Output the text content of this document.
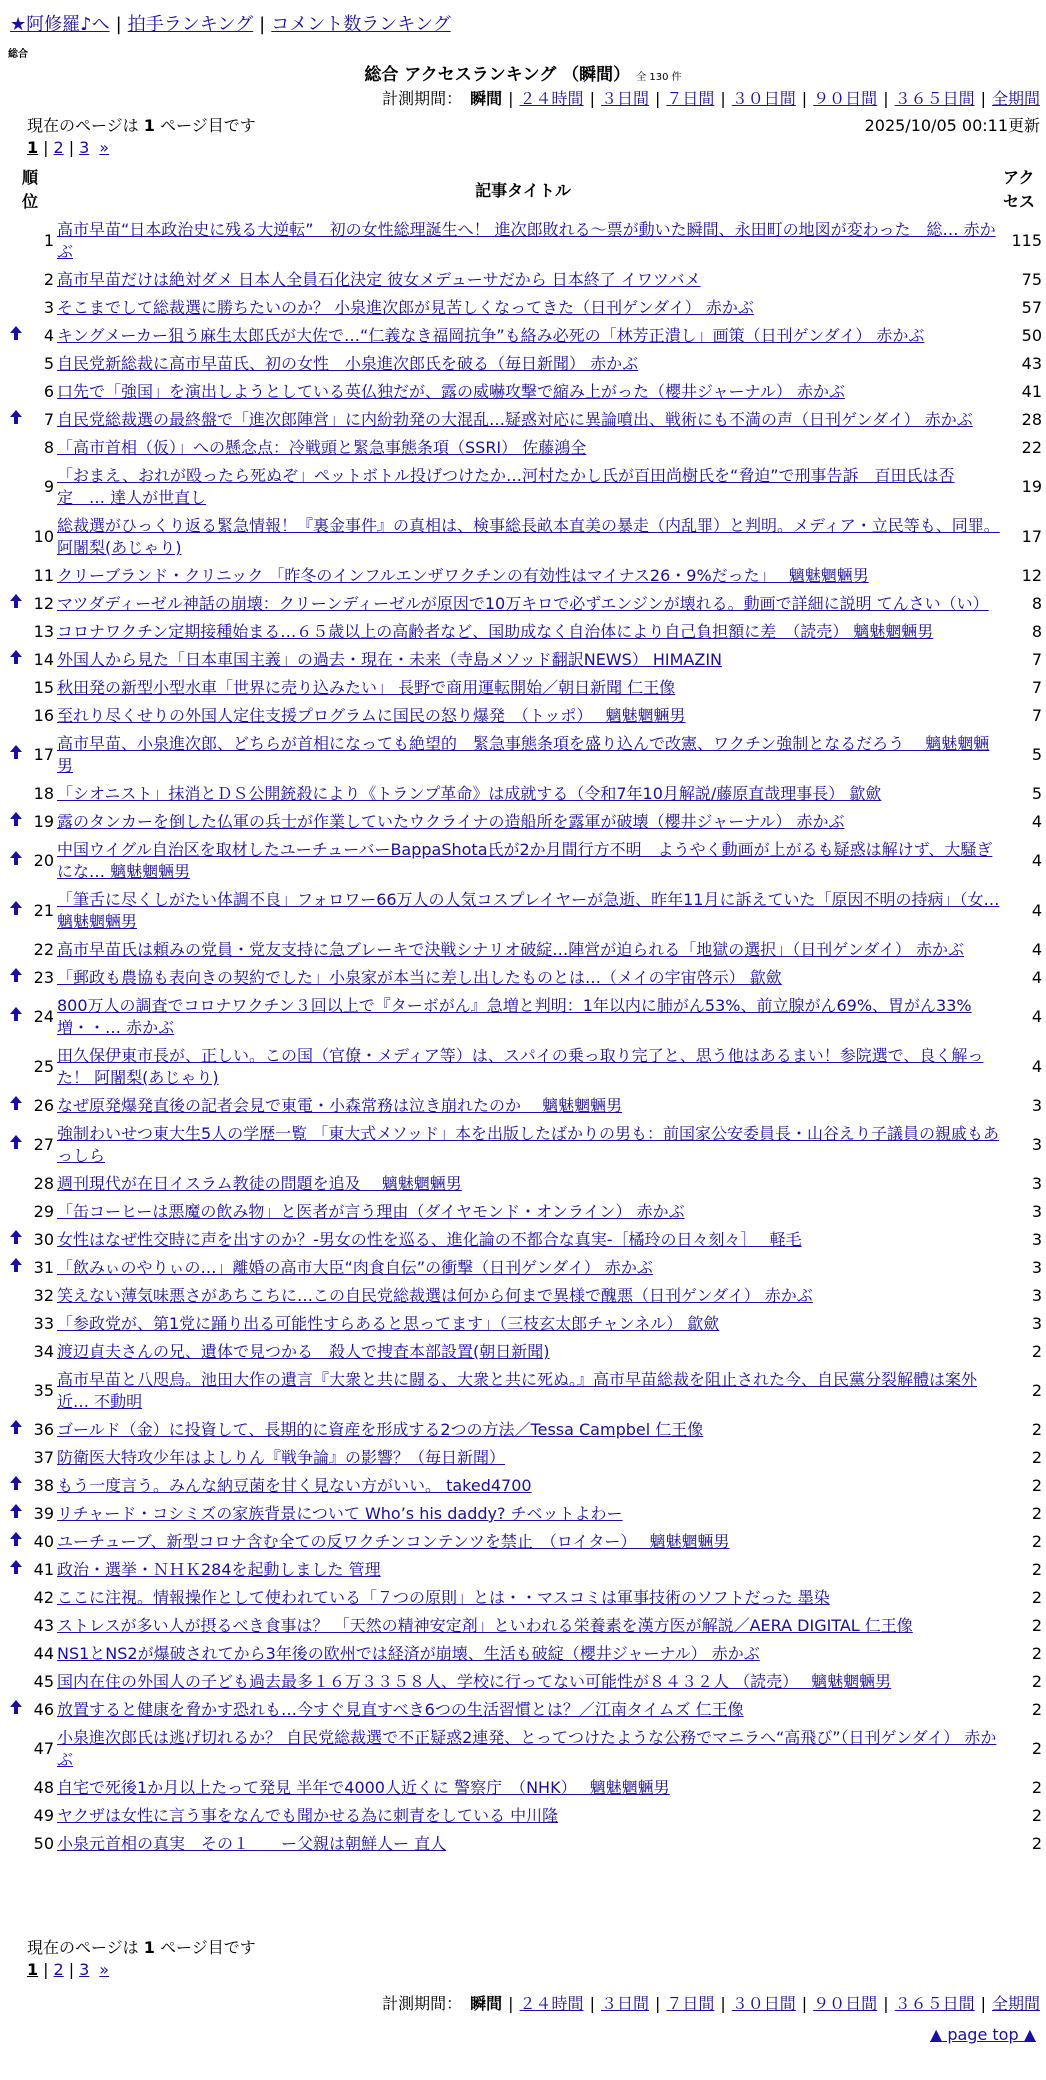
★阿修羅♪へ | 拍手ランキング | コメント数ランキング
総合
総合 アクセスランキング （瞬間） 全 130 件
計測期間： 瞬間 | ２４時間 | ３日間 | ７日間 | ３０日間 | ９０日間 | ３６５日間 | 全期間
現在のページは 1 ページ目です	2025/10/05 00:11更新
1 | 2 | 3 »
順位
記事タイトル
アクセス
	1	高市早苗“日本政治史に残る大逆転”　初の女性総理誕生へ！ 進次郎敗れる～票が動いた瞬間、永田町の地図が変わった　総… 赤かぶ	115
	2	高市早苗だけは絶対ダメ 日本人全員石化決定 彼女メデューサだから 日本終了 イワツバメ	75
	3	そこまでして総裁選に勝ちたいのか？ 小泉進次郎が見苦しくなってきた（日刊ゲンダイ） 赤かぶ	57
	4	キングメーカー狙う麻生太郎氏が大佐で…“仁義なき福岡抗争”も絡み必死の「林芳正潰し」画策（日刊ゲンダイ） 赤かぶ	50
	5	自民党新総裁に高市早苗氏、初の女性　小泉進次郎氏を破る（毎日新聞） 赤かぶ	43
	6	口先で「強国」を演出しようとしている英仏独だが、露の威嚇攻撃で縮み上がった（櫻井ジャーナル） 赤かぶ	41
	7	自民党総裁選の最終盤で「進次郎陣営」に内紛勃発の大混乱…疑惑対応に異論噴出、戦術にも不満の声（日刊ゲンダイ） 赤かぶ	28
	8	「高市首相（仮）」への懸念点：冷戦頭と緊急事態条項（SSRI） 佐藤鴻全	22
	9	「おまえ、おれが殴ったら死ぬぞ」ペットボトル投げつけたか…河村たかし氏が百田尚樹氏を“脅迫”で刑事告訴　百田氏は否定　… 達人が世直し	19
	10	総裁選がひっくり返る緊急情報！『裏金事件』の真相は、検事総長畝本直美の暴走（内乱罪）と判明。メディア・立民等も、同罪。 阿闍梨(あじゃり)	17
	11	クリーブランド・クリニック 「昨冬のインフルエンザワクチンの有効性はマイナス26・9%だった」　 魑魅魍魎男	12
	12	マツダディーゼル神話の崩壊：クリーンディーゼルが原因で10万キロで必ずエンジンが壊れる。動画で詳細に説明 てんさい（い）	8
	13	コロナワクチン定期接種始まる…６５歳以上の高齢者など、国助成なく自治体により自己負担額に差　（読売） 魑魅魍魎男	8
	14	外国人から見た「日本車国主義」の過去・現在・未来（寺島メソッド翻訳NEWS） HIMAZIN	7
	15	秋田発の新型小型水車「世界に売り込みたい」 長野で商用運転開始／朝日新聞 仁王像	7
	16	至れり尽くせりの外国人定住支援プログラムに国民の怒り爆発　（トッポ）　 魑魅魍魎男	7
	17	高市早苗、小泉進次郎、どちらが首相になっても絶望的　緊急事態条項を盛り込んで改憲、ワクチン強制となるだろう　 魑魅魍魎男	5
	18	「シオニスト」抹消とＤＳ公開銃殺により《トランプ革命》は成就する（令和7年10月解説/藤原直哉理事長） 歙歛	5
	19	露のタンカーを倒した仏軍の兵士が作業していたウクライナの造船所を露軍が破壊（櫻井ジャーナル） 赤かぶ	4
	20	中国ウイグル自治区を取材したユーチューバーBappaShota氏が2か月間行方不明　ようやく動画が上がるも疑惑は解けず、大騒ぎにな… 魑魅魍魎男	4
	21	「筆舌に尽くしがたい体調不良」フォロワー66万人の人気コスプレイヤーが急逝、昨年11月に訴えていた「原因不明の持病」（女… 魑魅魍魎男	4
	22	高市早苗氏は頼みの党員・党友支持に急ブレーキで決戦シナリオ破綻…陣営が迫られる「地獄の選択」（日刊ゲンダイ） 赤かぶ	4
	23	「郵政も農協も表向きの契約でした」小泉家が本当に差し出したものとは…（メイの宇宙啓示） 歙歛	4
	24	800万人の調査でコロナワクチン３回以上で『ターボがん』急増と判明：1年以内に肺がん53%、前立腺がん69%、胃がん33%増・・… 赤かぶ	4
	25	田久保伊東市長が、正しい。この国（官僚・メディア等）は、スパイの乗っ取り完了と、思う他はあるまい！参院選で、良く解った！ 阿闍梨(あじゃり)	4
	26	なぜ原発爆発直後の記者会見で東電・小森常務は泣き崩れたのか　 魑魅魍魎男	3
	27	強制わいせつ東大生5人の学歴一覧 「東大式メソッド」本を出版したばかりの男も：前国家公安委員長・山谷えり子議員の親戚もあっしら	3
	28	週刊現代が在日イスラム教徒の問題を追及　 魑魅魍魎男	3
	29	「缶コーヒーは悪魔の飲み物」と医者が言う理由（ダイヤモンド・オンライン） 赤かぶ	3
	30	女性はなぜ性交時に声を出すのか？-男女の性を巡る、進化論の不都合な真実-［橘玲の日々刻々］　 軽毛	3
	31	「飲みぃのやりぃの…」離婚の高市大臣“肉食自伝”の衝撃（日刊ゲンダイ） 赤かぶ	3
	32	笑えない薄気味悪さがあちこちに…この自民党総裁選は何から何まで異様で醜悪（日刊ゲンダイ） 赤かぶ	3
	33	「参政党が、第1党に踊り出る可能性すらあると思ってます」（三枝玄太郎チャンネル） 歙歛	3
	34	渡辺貞夫さんの兄、遺体で見つかる　殺人で捜査本部設置(朝日新聞)	2
	35	高市早苗と八咫烏。池田大作の遺言『大衆と共に闘る、大衆と共に死ぬ。』高市早苗総裁を阻止された今、自民黨分裂解體は案外近… 不動明	2
	36	ゴールド（金）に投資して、長期的に資産を形成する2つの方法／Tessa Campbel 仁王像	2
	37	防衛医大特攻少年はよしりん『戦争論』の影響？（毎日新聞）	2
	38	もう一度言う。みんな納豆菌を甘く見ない方がいい。 taked4700	2
	39	リチャード・コシミズの家族背景について Who’s his daddy? チベットよわー	2
	40	ユーチューブ、新型コロナ含む全ての反ワクチンコンテンツを禁止　（ロイター）　 魑魅魍魎男	2
	41	政治・選挙・ＮＨＫ284を起動しました 管理	2
	42	ここに注視。情報操作として使われている「７つの原則」とは・・マスコミは軍事技術のソフトだった 墨染	2
	43	ストレスが多い人が摂るべき食事は？ 「天然の精神安定剤」といわれる栄養素を漢方医が解説／AERA DIGITAL 仁王像	2
	44	NS1とNS2が爆破されてから3年後の欧州では経済が崩壊、生活も破綻（櫻井ジャーナル） 赤かぶ	2
	45	国内在住の外国人の子ども過去最多１６万３３５８人、学校に行ってない可能性が８４３２人 （読売）　 魑魅魍魎男	2
	46	放置すると健康を脅かす恐れも…今すぐ見直すべき6つの生活習慣とは？／江南タイムズ 仁王像	2
	47	小泉進次郎氏は逃げ切れるか？ 自民党総裁選で不正疑惑2連発、とってつけたような公務でマニラへ“高飛び”（日刊ゲンダイ） 赤かぶ	2
	48	自宅で死後1か月以上たって発見 半年で4000人近くに 警察庁　（NHK）　 魑魅魍魎男	2
	49	ヤクザは女性に言う事をなんでも聞かせる為に刺青をしている 中川隆	2
	50	小泉元首相の真実　その１　　ー父親は朝鮮人ー 直人	2
現在のページは 1 ページ目です
1 | 2 | 3 »
計測期間： 瞬間 | ２４時間 | ３日間 | ７日間 | ３０日間 | ９０日間 | ３６５日間 | 全期間
▲ page top ▲
